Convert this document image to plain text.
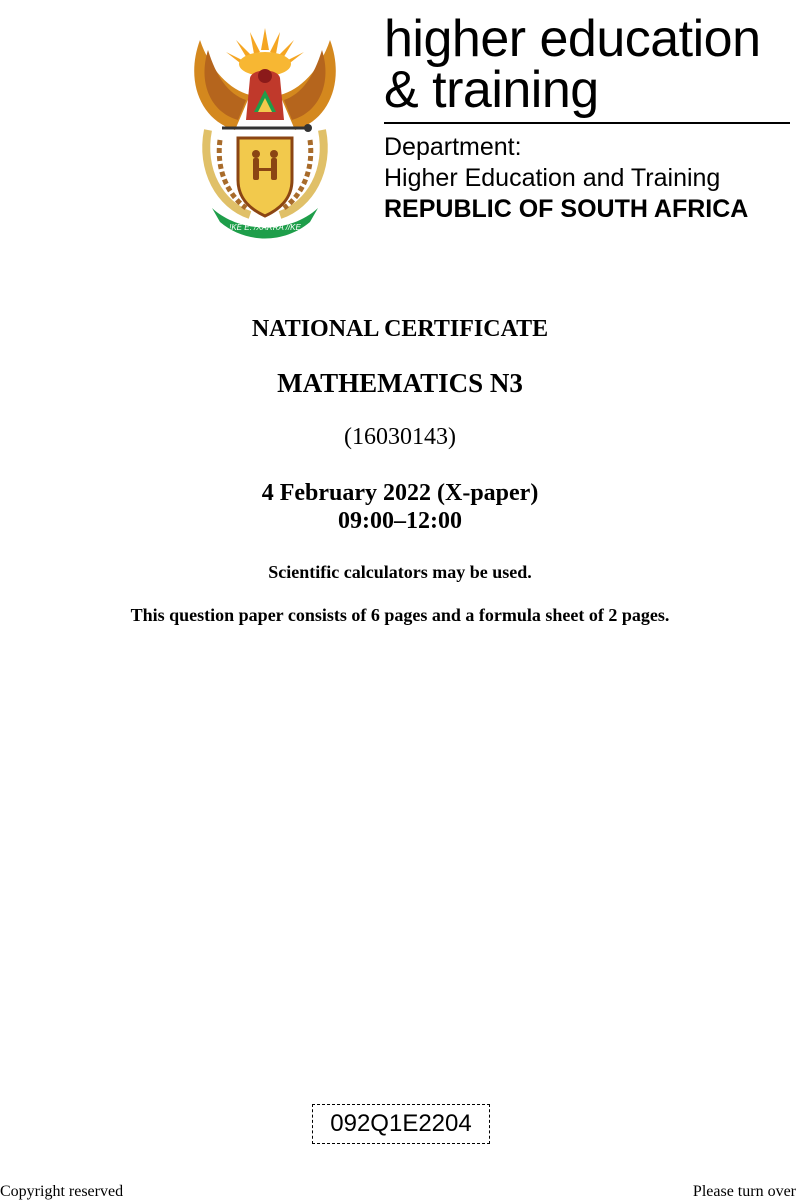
!KE E: /XARRA //KE
higher education
& training
Department:
Higher Education and Training
REPUBLIC OF SOUTH AFRICA
NATIONAL CERTIFICATE
MATHEMATICS N3
(16030143)
4 February 2022 (X-paper)
09:00–12:00
Scientific calculators may be used.
This question paper consists of 6 pages and a formula sheet of 2 pages.
092Q1E2204
Copyright reserved	Please turn over
